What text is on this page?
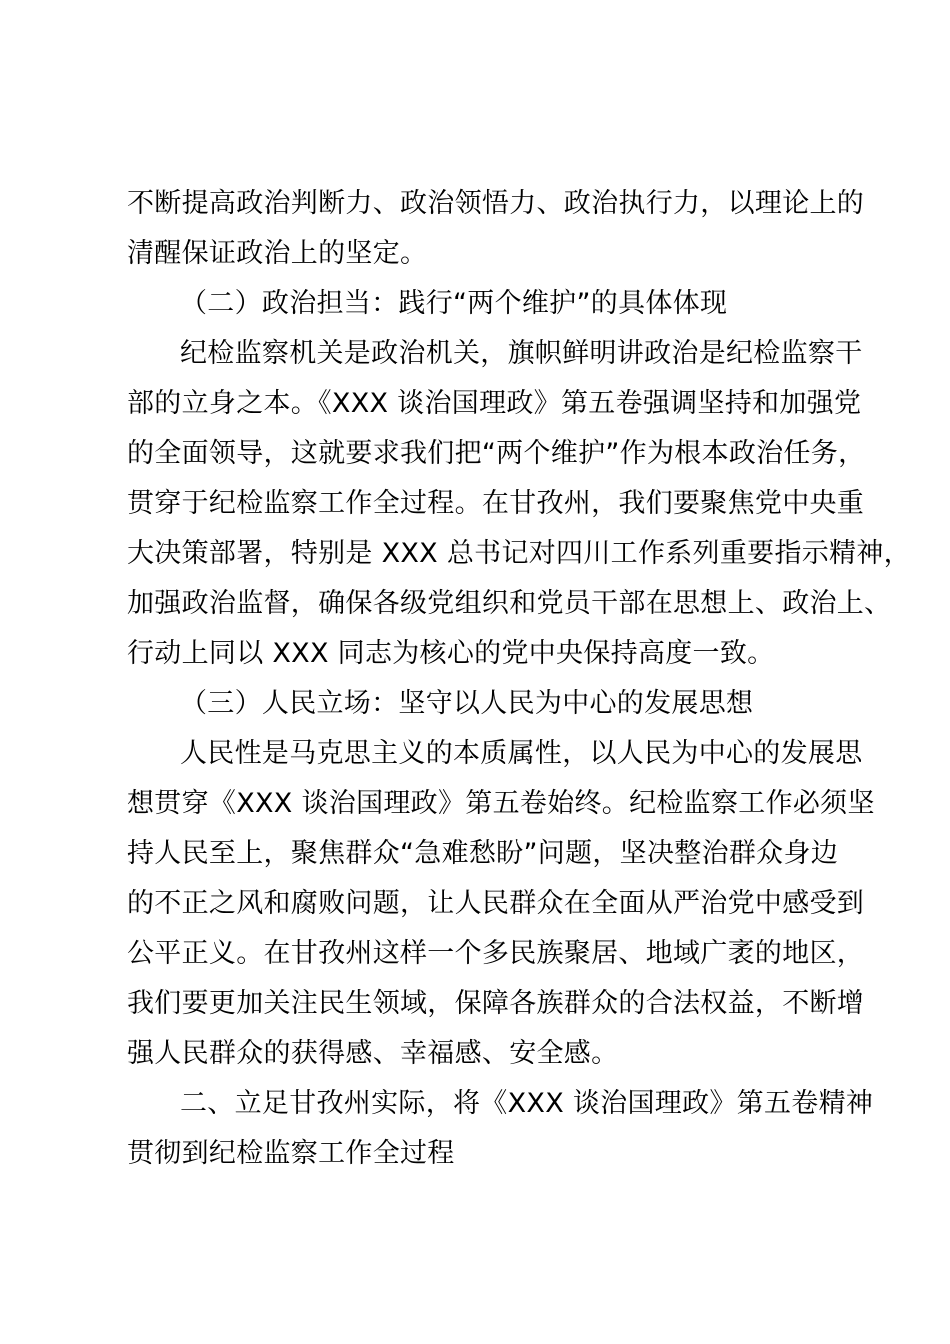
不断提高政治判断力、政治领悟力、政治执行力，以理论上的
清醒保证政治上的坚定。
（二）政治担当：践行“两个维护”的具体体现
纪检监察机关是政治机关，旗帜鲜明讲政治是纪检监察干
部的立身之本。《XXX 谈治国理政》第五卷强调坚持和加强党
的全面领导，这就要求我们把“两个维护”作为根本政治任务，
贯穿于纪检监察工作全过程。在甘孜州，我们要聚焦党中央重
大决策部署，特别是 XXX 总书记对四川工作系列重要指示精神，
加强政治监督，确保各级党组织和党员干部在思想上、政治上、
行动上同以 XXX 同志为核心的党中央保持高度一致。
（三）人民立场：坚守以人民为中心的发展思想
人民性是马克思主义的本质属性，以人民为中心的发展思
想贯穿《XXX 谈治国理政》第五卷始终。纪检监察工作必须坚
持人民至上，聚焦群众“急难愁盼”问题，坚决整治群众身边
的不正之风和腐败问题，让人民群众在全面从严治党中感受到
公平正义。在甘孜州这样一个多民族聚居、地域广袤的地区，
我们要更加关注民生领域，保障各族群众的合法权益，不断增
强人民群众的获得感、幸福感、安全感。
二、立足甘孜州实际，将《XXX 谈治国理政》第五卷精神
贯彻到纪检监察工作全过程
